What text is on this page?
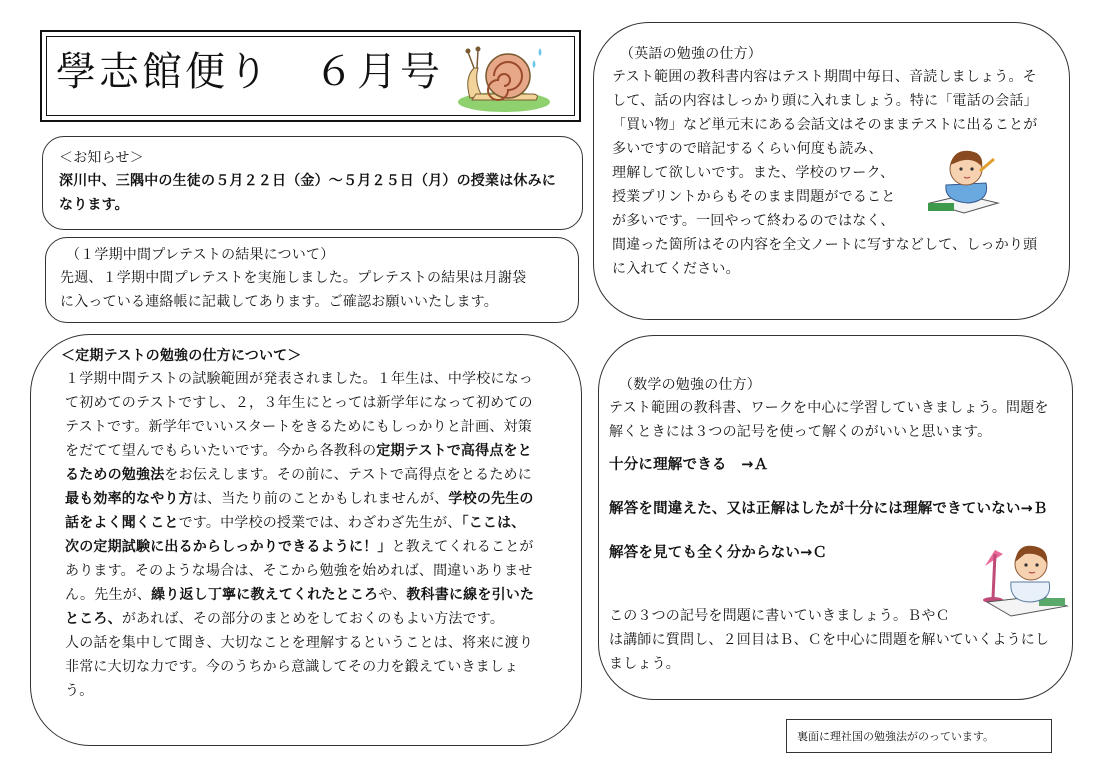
學志館便り　６月号
＜お知らせ＞
深川中、三隅中の生徒の５月２２日（金）～５月２５日（月）の授業は休みに
なります。
（１学期中間プレテストの結果について）
先週、１学期中間プレテストを実施しました。プレテストの結果は月謝袋
に入っている連絡帳に記載してあります。ご確認お願いいたします。
＜定期テストの勉強の仕方について＞
１学期中間テストの試験範囲が発表されました。１年生は、中学校になっ
て初めてのテストですし、２，３年生にとっては新学年になって初めての
テストです。新学年でいいスタートをきるためにもしっかりと計画、対策
をだてて望んでもらいたいです。今から各教科の定期テストで高得点をと
るための勉強法をお伝えします。その前に、テストで高得点をとるために
最も効率的なやり方は、当たり前のことかもしれませんが、学校の先生の
話をよく聞くことです。中学校の授業では、わざわざ先生が、「ここは、
次の定期試験に出るからしっかりできるように！」と教えてくれることが
あります。そのような場合は、そこから勉強を始めれば、間違いありませ
ん。先生が、繰り返し丁寧に教えてくれたところや、教科書に線を引いた
ところ、があれば、その部分のまとめをしておくのもよい方法です。
人の話を集中して聞き、大切なことを理解するということは、将来に渡り
非常に大切な力です。今のうちから意識してその力を鍛えていきましょ
う。
（英語の勉強の仕方）
テスト範囲の教科書内容はテスト期間中毎日、音読しましょう。そ
して、話の内容はしっかり頭に入れましょう。特に「電話の会話」
「買い物」など単元末にある会話文はそのままテストに出ることが
多いですので暗記するくらい何度も読み、
理解して欲しいです。また、学校のワーク、
授業プリントからもそのまま問題がでること
が多いです。一回やって終わるのではなく、
間違った箇所はその内容を全文ノートに写すなどして、しっかり頭
に入れてください。
（数学の勉強の仕方）
テスト範囲の教科書、ワークを中心に学習していきましょう。問題を
解くときには３つの記号を使って解くのがいいと思います。
十分に理解できる　→Ａ
解答を間違えた、又は正解はしたが十分には理解できていない→Ｂ
解答を見ても全く分からない→Ｃ
この３つの記号を問題に書いていきましょう。ＢやＣ
は講師に質問し、２回目はＢ、Ｃを中心に問題を解いていくようにし
ましょう。
裏面に理社国の勉強法がのっています。
